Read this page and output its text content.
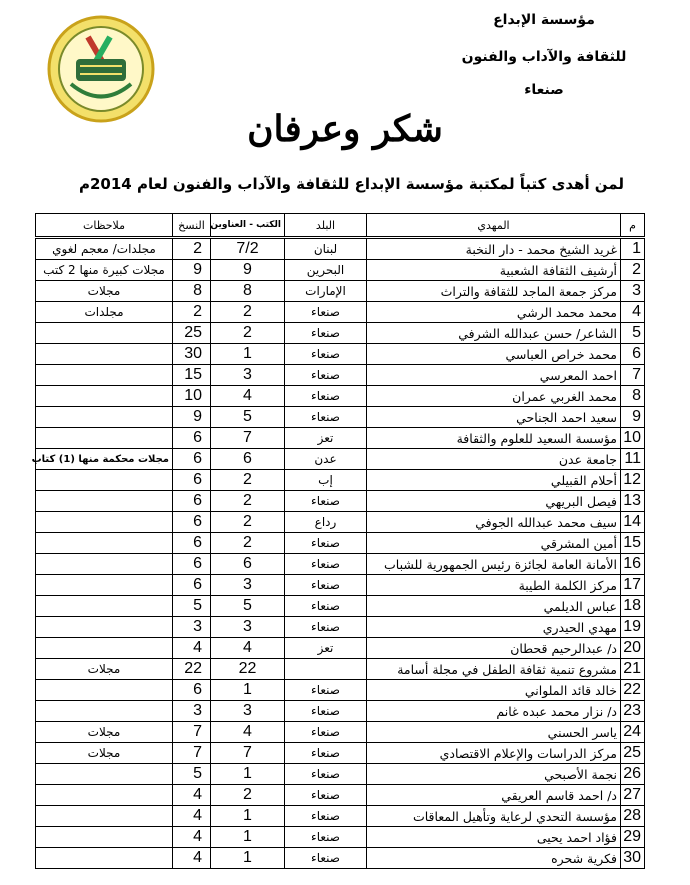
مؤسسة الإبداع
للثقافة والآداب والفنون
صنعاء
شكر وعرفان
لمن أهدى كتباً لمكتبة مؤسسة الإبداع للثقافة والآداب والفنون لعام 2014م
م	المهدي	البلد	الكتب - العناوين	النسخ	ملاحظات
1	غريد الشيخ محمد - دار النخبة	لبنان	7/2	2	مجلدات/ معجم لغوي
2	أرشيف الثقافة الشعبية	البحرين	9	9	مجلات كبيرة منها 2 كتب
3	مركز جمعة الماجد للثقافة والتراث	الإمارات	8	8	مجلات
4	محمد محمد الرشي	صنعاء	2	2	مجلدات
5	الشاعر/ حسن عبدالله الشرفي	صنعاء	2	25	
6	محمد خراص العباسي	صنعاء	1	30	
7	احمد المعرسي	صنعاء	3	15	
8	محمد الغربي عمران	صنعاء	4	10	
9	سعيد احمد الجناحي	صنعاء	5	9	
10	مؤسسة السعيد للعلوم والثقافة	تعز	7	6	
11	جامعة عدن	عدن	6	6	مجلات محكمة منها (1) كتاب
12	أحلام القبيلي	إب	2	6	
13	فيصل البريهي	صنعاء	2	6	
14	سيف محمد عبدالله الجوفي	رداع	2	6	
15	أمين المشرقي	صنعاء	2	6	
16	الأمانة العامة لجائزة رئيس الجمهورية للشباب	صنعاء	6	6	
17	مركز الكلمة الطيبة	صنعاء	3	6	
18	عباس الديلمي	صنعاء	5	5	
19	مهدي الحيدري	صنعاء	3	3	
20	د/ عبدالرحيم قحطان	تعز	4	4	
21	مشروع تنمية ثقافة الطفل في مجلة أسامة		22	22	مجلات
22	خالد قائد الملواني	صنعاء	1	6	
23	د/ نزار محمد عبده غانم	صنعاء	3	3	
24	ياسر الحسني	صنعاء	4	7	مجلات
25	مركز الدراسات والإعلام الاقتصادي	صنعاء	7	7	مجلات
26	نجمة الأصبحي	صنعاء	1	5	
27	د/ احمد قاسم العريقي	صنعاء	2	4	
28	مؤسسة التحدي لرعاية وتأهيل المعاقات	صنعاء	1	4	
29	فؤاد احمد يحيى	صنعاء	1	4	
30	فكرية شحره	صنعاء	1	4	
